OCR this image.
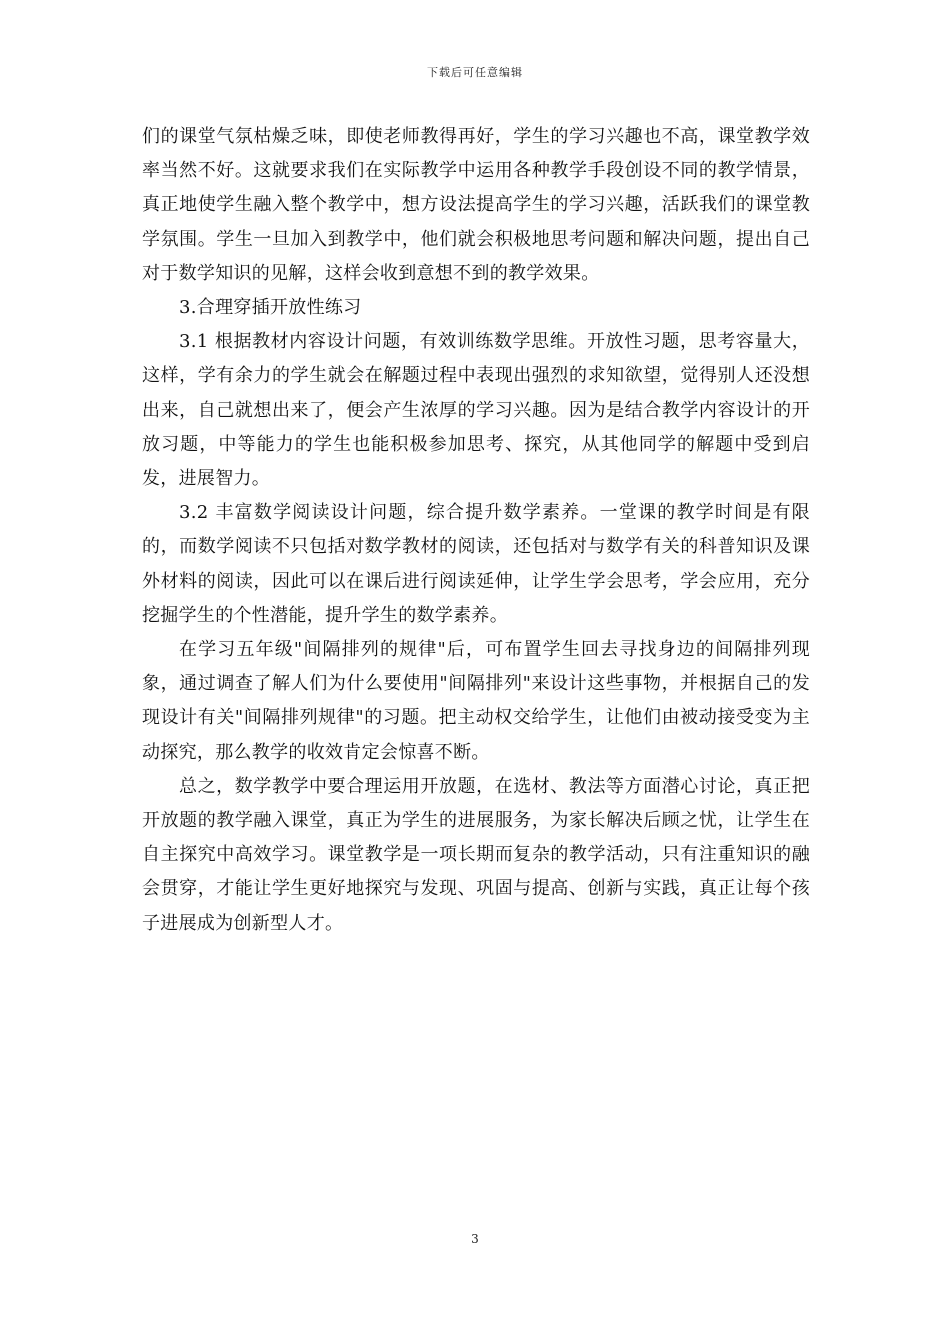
下载后可任意编辑

们的课堂气氛枯燥乏味，即使老师教得再好，学生的学习兴趣也不高，课堂教学效率当然不好。这就要求我们在实际教学中运用各种教学手段创设不同的教学情景，真正地使学生融入整个教学中，想方设法提高学生的学习兴趣，活跃我们的课堂教学氛围。学生一旦加入到教学中，他们就会积极地思考问题和解决问题，提出自己对于数学知识的见解，这样会收到意想不到的教学效果。

3.合理穿插开放性练习

3.1 根据教材内容设计问题，有效训练数学思维。开放性习题，思考容量大，这样，学有余力的学生就会在解题过程中表现出强烈的求知欲望，觉得别人还没想出来，自己就想出来了，便会产生浓厚的学习兴趣。因为是结合教学内容设计的开放习题，中等能力的学生也能积极参加思考、探究，从其他同学的解题中受到启发，进展智力。

3.2 丰富数学阅读设计问题，综合提升数学素养。一堂课的教学时间是有限的，而数学阅读不只包括对数学教材的阅读，还包括对与数学有关的科普知识及课外材料的阅读，因此可以在课后进行阅读延伸，让学生学会思考，学会应用，充分挖掘学生的个性潜能，提升学生的数学素养。

在学习五年级"间隔排列的规律"后，可布置学生回去寻找身边的间隔排列现象，通过调查了解人们为什么要使用"间隔排列"来设计这些事物，并根据自己的发现设计有关"间隔排列规律"的习题。把主动权交给学生，让他们由被动接受变为主动探究，那么教学的收效肯定会惊喜不断。

总之，数学教学中要合理运用开放题，在选材、教法等方面潜心讨论，真正把开放题的教学融入课堂，真正为学生的进展服务，为家长解决后顾之忧，让学生在自主探究中高效学习。课堂教学是一项长期而复杂的教学活动，只有注重知识的融会贯穿，才能让学生更好地探究与发现、巩固与提高、创新与实践，真正让每个孩子进展成为创新型人才。

3
